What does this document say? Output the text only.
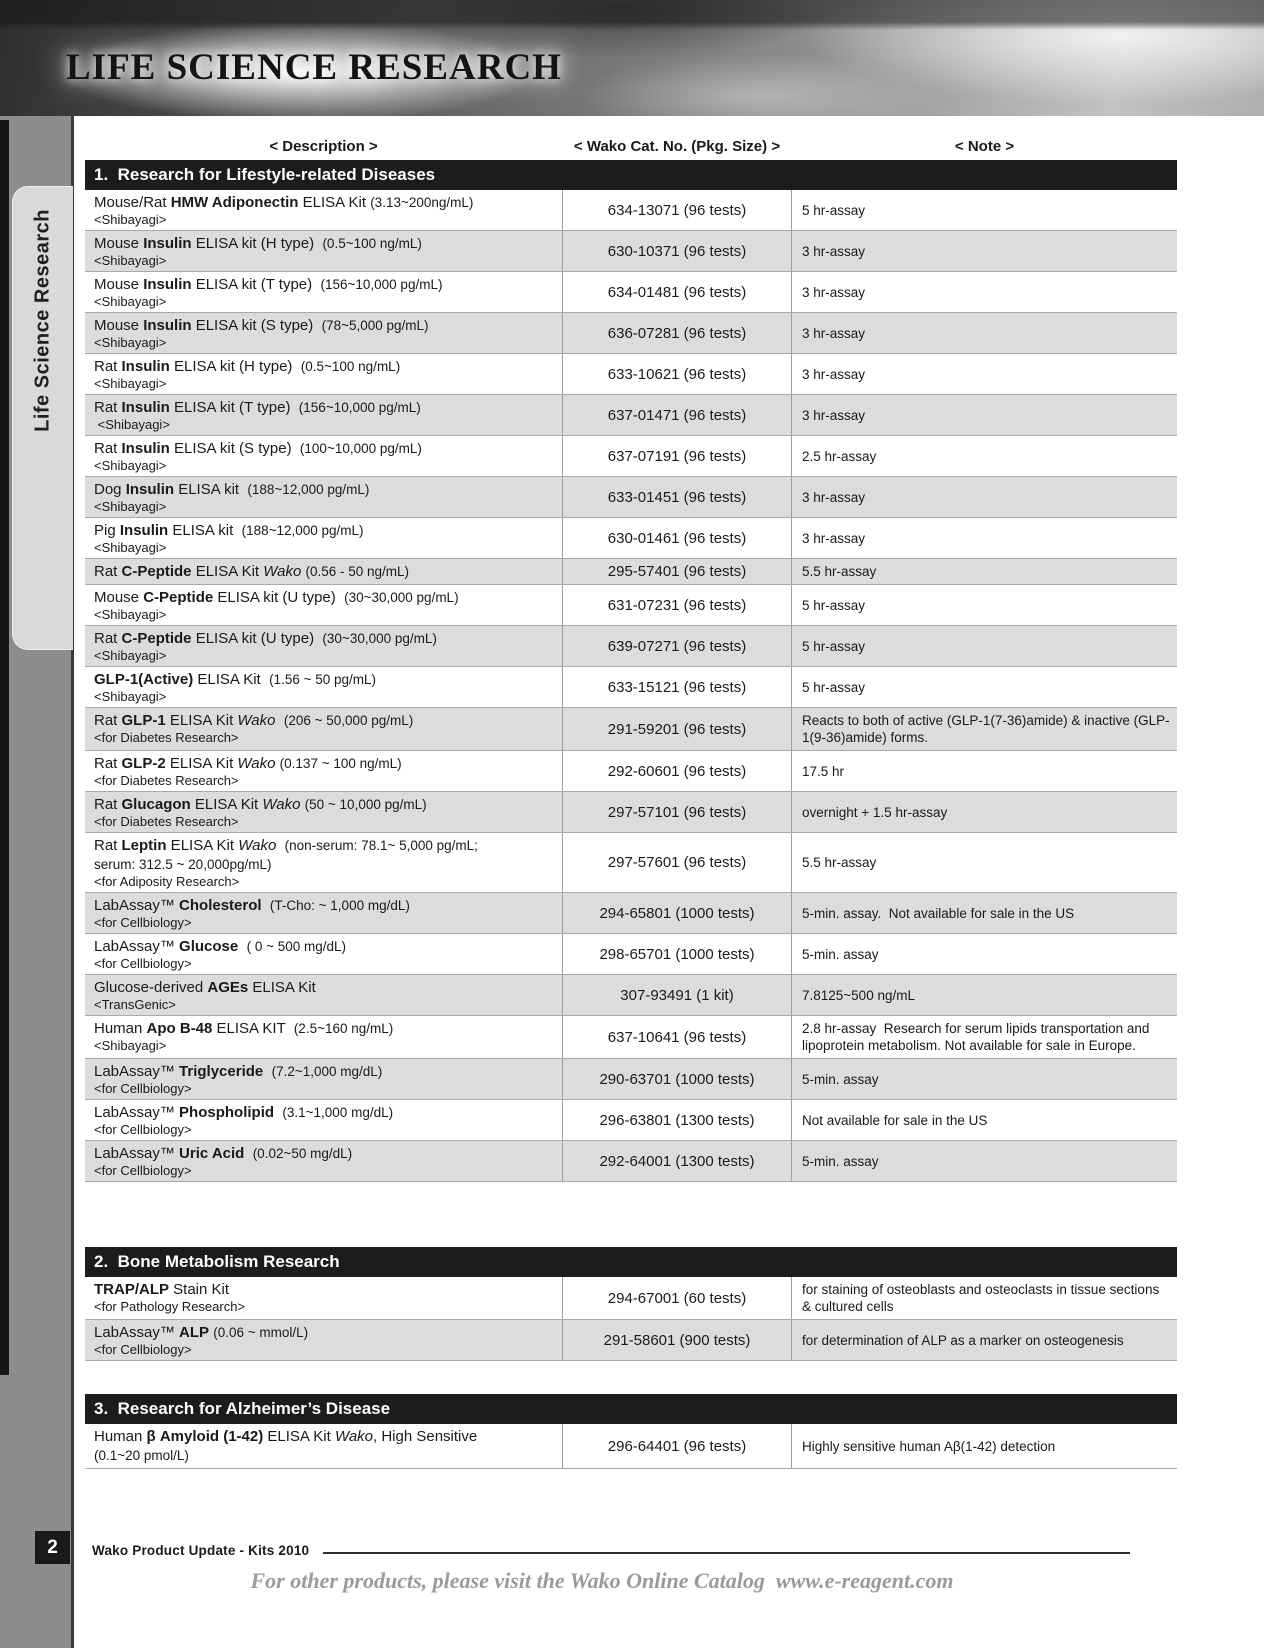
LIFE SCIENCE RESEARCH
Life Science Research
< Description >	< Wako Cat. No. (Pkg. Size) >	< Note >
1.  Research for Lifestyle-related Diseases
Mouse/Rat HMW Adiponectin ELISA Kit (3.13~200ng/mL)
<Shibayagi>
634-13071 (96 tests)	5 hr-assay
Mouse Insulin ELISA kit (H type)  (0.5~100 ng/mL)
<Shibayagi>
630-10371 (96 tests)	3 hr-assay
Mouse Insulin ELISA kit (T type)  (156~10,000 pg/mL)
<Shibayagi>
634-01481 (96 tests)	3 hr-assay
Mouse Insulin ELISA kit (S type)  (78~5,000 pg/mL)
<Shibayagi>
636-07281 (96 tests)	3 hr-assay
Rat Insulin ELISA kit (H type)  (0.5~100 ng/mL)
<Shibayagi>
633-10621 (96 tests)	3 hr-assay
Rat Insulin ELISA kit (T type)  (156~10,000 pg/mL)
<Shibayagi>
637-01471 (96 tests)	3 hr-assay
Rat Insulin ELISA kit (S type)  (100~10,000 pg/mL)
<Shibayagi>
637-07191 (96 tests)	2.5 hr-assay
Dog Insulin ELISA kit  (188~12,000 pg/mL)
<Shibayagi>
633-01451 (96 tests)	3 hr-assay
Pig Insulin ELISA kit  (188~12,000 pg/mL)
<Shibayagi>
630-01461 (96 tests)	3 hr-assay
Rat C-Peptide ELISA Kit Wako (0.56 - 50 ng/mL)	295-57401 (96 tests)	5.5 hr-assay
Mouse C-Peptide ELISA kit (U type)  (30~30,000 pg/mL)
<Shibayagi>
631-07231 (96 tests)	5 hr-assay
Rat C-Peptide ELISA kit (U type)  (30~30,000 pg/mL)
<Shibayagi>
639-07271 (96 tests)	5 hr-assay
GLP-1(Active) ELISA Kit  (1.56 ~ 50 pg/mL)
<Shibayagi>
633-15121 (96 tests)	5 hr-assay
Rat GLP-1 ELISA Kit Wako (206 ~ 50,000 pg/mL)
<for Diabetes Research>	291-59201 (96 tests)	Reacts to both of active (GLP-1(7-36)amide) & inactive (GLP-1(9-36)amide) forms.
Rat GLP-2 ELISA Kit Wako (0.137 ~ 100 ng/mL)
<for Diabetes Research>
292-60601 (96 tests)	17.5 hr
Rat Glucagon ELISA Kit Wako (50 ~ 10,000 pg/mL)
<for Diabetes Research>
297-57101 (96 tests)	overnight + 1.5 hr-assay
Rat Leptin ELISA Kit Wako (non-serum: 78.1~ 5,000 pg/mL;
serum: 312.5 ~ 20,000pg/mL)
<for Adiposity Research>
297-57601 (96 tests)	5.5 hr-assay
LabAssay™ Cholesterol (T-Cho: ~ 1,000 mg/dL)
<for Cellbiology>
294-65801 (1000 tests)	5-min. assay.  Not available for sale in the US
LabAssay™ Glucose ( 0 ~ 500 mg/dL)
<for Cellbiology>
298-65701 (1000 tests)	5-min. assay
Glucose-derived AGEs ELISA Kit
<TransGenic>
307-93491 (1 kit)	7.8125~500 ng/mL
Human Apo B-48 ELISA KIT  (2.5~160 ng/mL)
<Shibayagi>	637-10641 (96 tests)	2.8 hr-assay  Research for serum lipids transportation and lipoprotein metabolism. Not available for sale in Europe.
LabAssay™ Triglyceride (7.2~1,000 mg/dL)
<for Cellbiology>
290-63701 (1000 tests)	5-min. assay
LabAssay™ Phospholipid (3.1~1,000 mg/dL)
<for Cellbiology>
296-63801 (1300 tests)	Not available for sale in the US
LabAssay™ Uric Acid (0.02~50 mg/dL)
<for Cellbiology>
292-64001 (1300 tests)	5-min. assay
2.  Bone Metabolism Research
TRAP/ALP Stain Kit
<for Pathology Research>	294-67001 (60 tests)	for staining of osteoblasts and osteoclasts in tissue sections & cultured cells
LabAssay™ ALP (0.06 ~ mmol/L)
<for Cellbiology>
291-58601 (900 tests)	for determination of ALP as a marker on osteogenesis
3.  Research for Alzheimer’s Disease
Human β Amyloid (1-42) ELISA Kit Wako, High Sensitive
(0.1~20 pmol/L)
296-64401 (96 tests)	Highly sensitive human Aβ(1-42) detection
2	Wako Product Update - Kits 2010
For other products, please visit the Wako Online Catalog  www.e-reagent.com
